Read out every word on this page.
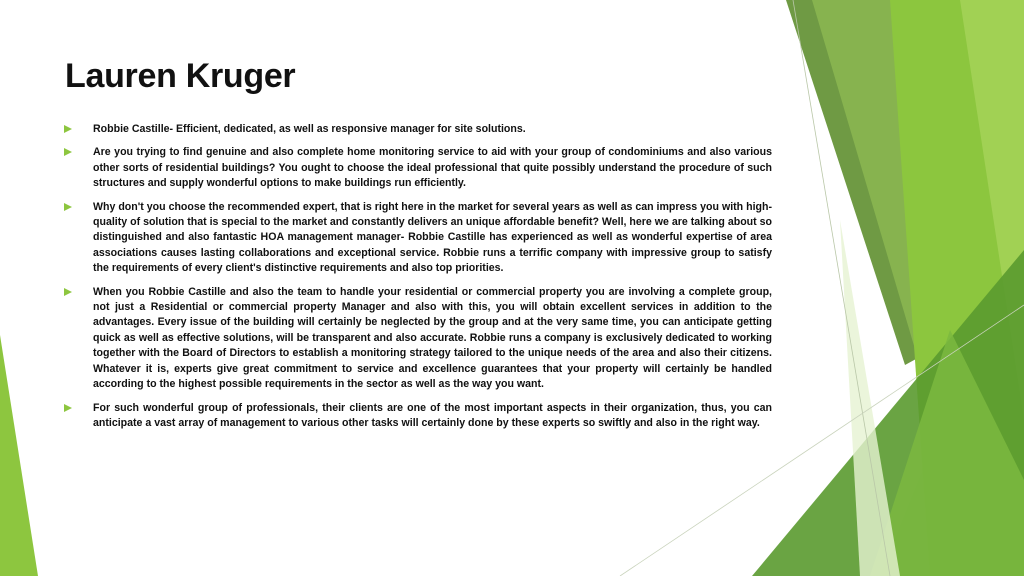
Lauren Kruger
Robbie Castille- Efficient, dedicated, as well as responsive manager for site solutions.
Are you trying to find genuine and also complete home monitoring service to aid with your group of condominiums and also various other sorts of residential buildings? You ought to choose the ideal professional that quite possibly understand the procedure of such structures and supply wonderful options to make buildings run efficiently.
Why don't you choose the recommended expert, that is right here in the market for several years as well as can impress you with high-quality of solution that is special to the market and constantly delivers an unique affordable benefit? Well, here we are talking about so distinguished and also fantastic HOA management manager- Robbie Castille has experienced as well as wonderful expertise of area associations causes lasting collaborations and exceptional service. Robbie runs a terrific company with impressive group to satisfy the requirements of every client's distinctive requirements and also top priorities.
When you Robbie Castille and also the team to handle your residential or commercial property you are involving a complete group, not just a Residential or commercial property Manager and also with this, you will obtain excellent services in addition to the advantages. Every issue of the building will certainly be neglected by the group and at the very same time, you can anticipate getting quick as well as effective solutions, will be transparent and also accurate. Robbie runs a company is exclusively dedicated to working together with the Board of Directors to establish a monitoring strategy tailored to the unique needs of the area and also their citizens. Whatever it is, experts give great commitment to service and excellence guarantees that your property will certainly be handled according to the highest possible requirements in the sector as well as the way you want.
For such wonderful group of professionals, their clients are one of the most important aspects in their organization, thus, you can anticipate a vast array of management to various other tasks will certainly done by these experts so swiftly and also in the right way.
